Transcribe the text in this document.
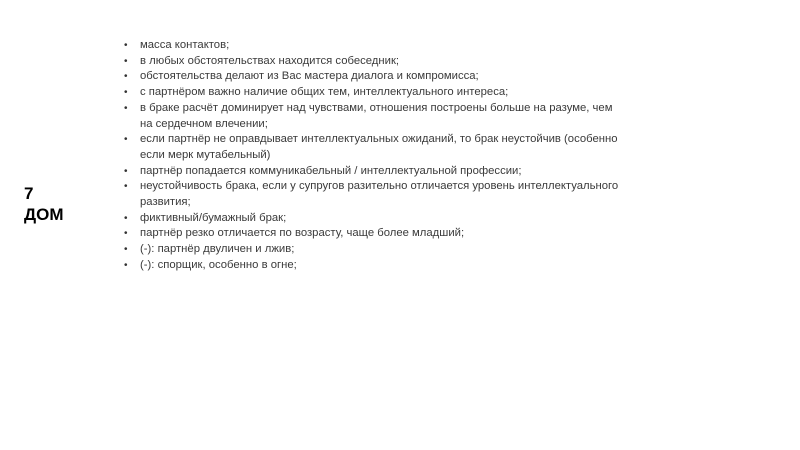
7
ДОМ
• масса контактов;
• в любых обстоятельствах находится собеседник;
• обстоятельства делают из Вас мастера диалога и компромисса;
• с партнёром важно наличие общих тем, интеллектуального интереса;
• в браке расчёт доминирует над чувствами, отношения построены больше на разуме, чем на сердечном влечении;
• если партнёр не оправдывает интеллектуальных ожиданий, то брак неустойчив (особенно если мерк мутабельный)
• партнёр попадается коммуникабельный / интеллектуальной профессии;
• неустойчивость брака, если у супругов разительно отличается уровень интеллектуального развития;
• фиктивный/бумажный брак;
• партнёр резко отличается по возрасту, чаще более младший;
• (-): партнёр двуличен и лжив;
• (-): спорщик, особенно в огне;
